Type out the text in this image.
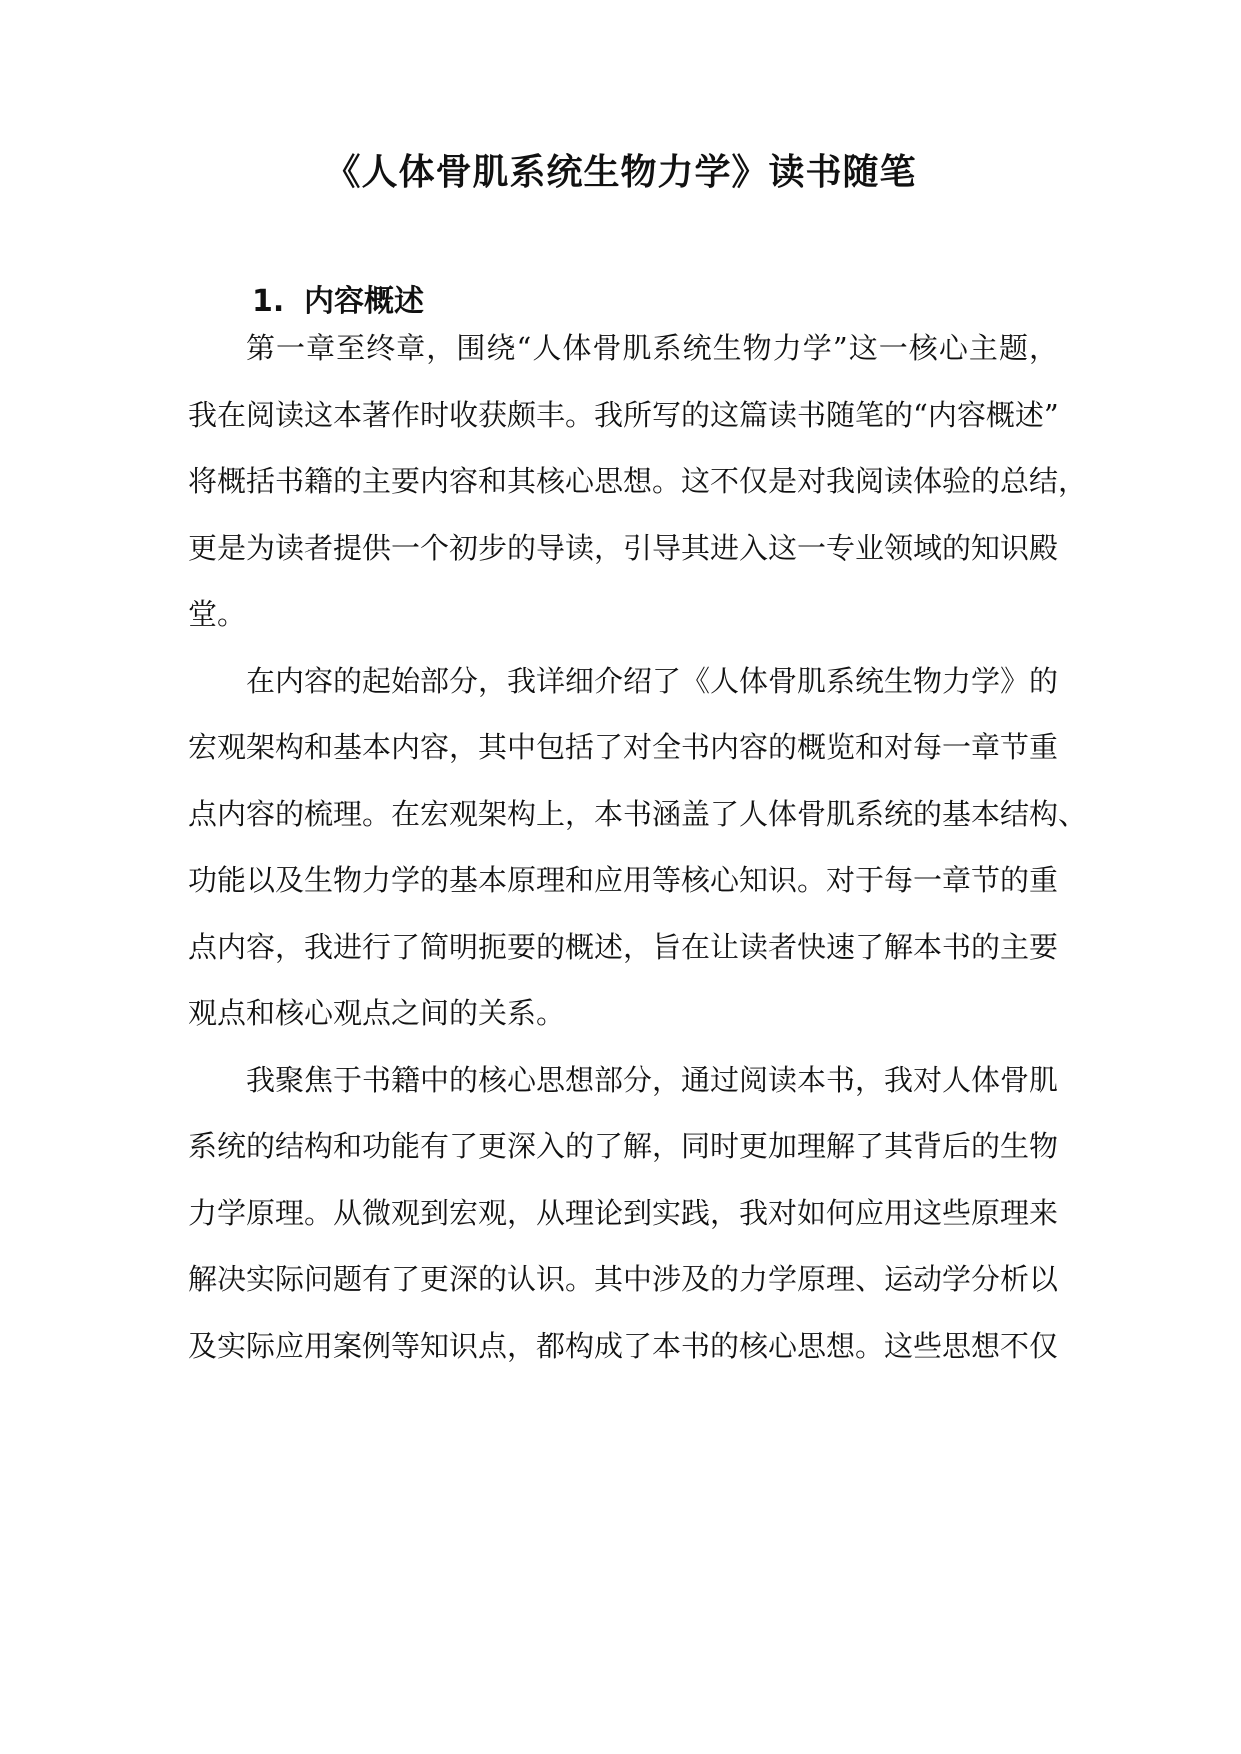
《人体骨肌系统生物力学》读书随笔
1. 内容概述
第一章至终章，围绕“人体骨肌系统生物力学”这一核心主题，
我在阅读这本著作时收获颇丰。我所写的这篇读书随笔的“内容概述”
将概括书籍的主要内容和其核心思想。这不仅是对我阅读体验的总结，
更是为读者提供一个初步的导读，引导其进入这一专业领域的知识殿
堂。
在内容的起始部分，我详细介绍了《人体骨肌系统生物力学》的
宏观架构和基本内容，其中包括了对全书内容的概览和对每一章节重
点内容的梳理。在宏观架构上，本书涵盖了人体骨肌系统的基本结构、
功能以及生物力学的基本原理和应用等核心知识。对于每一章节的重
点内容，我进行了简明扼要的概述，旨在让读者快速了解本书的主要
观点和核心观点之间的关系。
我聚焦于书籍中的核心思想部分，通过阅读本书，我对人体骨肌
系统的结构和功能有了更深入的了解，同时更加理解了其背后的生物
力学原理。从微观到宏观，从理论到实践，我对如何应用这些原理来
解决实际问题有了更深的认识。其中涉及的力学原理、运动学分析以
及实际应用案例等知识点，都构成了本书的核心思想。这些思想不仅
